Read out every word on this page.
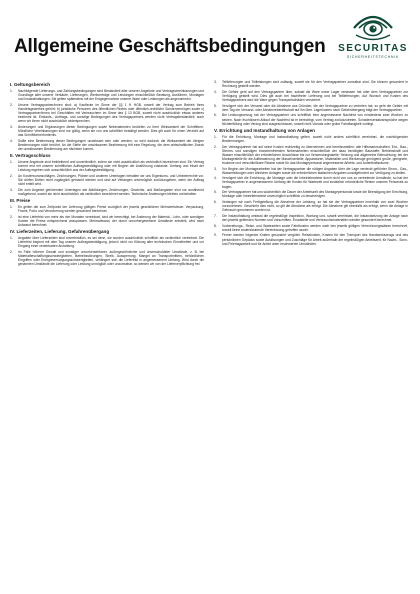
Allgemeine Geschäftsbedingungen SECURITAS
SICHERHEITSTECHNIK
I. Geltungsbereich
1.	Nachfolgende Lieferungs- und Zahlungsbedingungen sind Bestandteil aller unserer Angebote und Vertragsvereinbarungen und Grundlage aller unserer Verkäufe, Lieferungen, Werkverträge und Leistungen einschließlich Beratung, Ausführen, Montagen und Instandhaltungen. Sie gelten spätestens mit der Entgegennahme unserer Ware oder Leistungen als angenommen.
2.	Unsere Vertragspartner/innen sind: a) Kaufleute im Sinne der §§ 1 ff. HGB, soweit der Vertrag zum Betrieb ihres Handelsgewerbes gehört; b) juristische Personen des öffentlichen Rechts oder öffentlich-rechtliche Sondervermögen sowie c) Vertragspartner/innen bei Geschäften mit Verbrauchern im Sinne des § 13 BGB, soweit nicht ausdrücklich etwas anderes bestimmt ist. Einkaufs-, Auftrags- und sonstige Bedingungen des Vertragspartners werden nicht Vertragsbestandteil, auch wenn wir ihnen nicht ausdrücklich widersprechen.
3.	Änderungen und Ergänzungen dieser Bedingungen sowie Nebenabreden bedürfen zu ihrer Wirksamkeit der Schriftform. Mündliche Vereinbarungen sind nur gültig, wenn sie von uns schriftlich bestätigt werden. Dies gilt auch für einen Verzicht auf das Schriftformerfordernis.
4.	Sollte eine Bestimmung dieser Bedingungen unwirksam sein oder werden, so wird dadurch die Wirksamkeit der übrigen Bestimmungen nicht berührt. An die Stelle der unwirksamen Bestimmung tritt eine Regelung, die dem wirtschaftlichen Zweck der unwirksamen Bestimmung am nächsten kommt.
II. Vertragsschluss
1.	Unsere Angebote sind freibleibend und unverbindlich, sofern sie nicht ausdrücklich als verbindlich bezeichnet sind. Ein Vertrag kommt erst mit unserer schriftlichen Auftragsbestätigung oder mit Beginn der Ausführung zustande. Umfang und Inhalt der Leistung ergeben sich ausschließlich aus der Auftragsbestätigung.
2.	An Kostenvoranschlägen, Zeichnungen, Plänen und anderen Unterlagen behalten wir uns Eigentums- und Urheberrechte vor. Sie dürfen Dritten nicht zugänglich gemacht werden und sind auf Verlangen unverzüglich zurückzugeben, wenn der Auftrag nicht erteilt wird.
3.	Die zum Angebot gehörenden Unterlagen wie Abbildungen, Zeichnungen, Gewichts- und Maßangaben sind nur annähernd maßgebend, soweit sie nicht ausdrücklich als verbindlich bezeichnet werden. Technische Änderungen bleiben vorbehalten.
III. Preise
1.	Es gelten die zum Zeitpunkt der Lieferung gültigen Preise zuzüglich der jeweils gesetzlichen Mehrwertsteuer. Verpackung, Fracht, Porto und Versicherung werden gesondert berechnet.
2.	Ist eine Lieferfrist von mehr als vier Monaten vereinbart, sind wir berechtigt, bei Änderung der Material-, Lohn- oder sonstigen Kosten die Preise entsprechend anzupassen. Mehraufwand, der durch unvorhergesehene Umstände entsteht, wird nach Aufwand berechnet.
IV. Lieferzeiten, Lieferung, Gefahrenübergang
1.	Angaben über Lieferzeiten sind unverbindlich, es sei denn, sie wurden ausdrücklich schriftlich als verbindlich vereinbart. Die Lieferfrist beginnt mit dem Tag unserer Auftragsbestätigung, jedoch nicht vor Klärung aller technischen Einzelheiten und vor Eingang einer vereinbarten Anzahlung.
2.	Im Falle höherer Gewalt und sonstiger unvorhersehbarer, außergewöhnlicher und unverschuldeter Umstände, z. B. bei Materialbeschaffungsschwierigkeiten, Betriebsstörungen, Streik, Aussperrung, Mangel an Transportmitteln, behördlichen Eingriffen oder Energieversorgungsschwierigkeiten, verlängert sich die Lieferfrist in angemessenem Umfang. Wird durch die genannten Umstände die Lieferung oder Leistung unmöglich oder unzumutbar, so werden wir von der Lieferverpflichtung frei.
3.	Teillieferungen und Teilleistungen sind zulässig, soweit sie für den Vertragspartner zumutbar sind. Sie können gesondert in Rechnung gestellt werden.
4.	Die Gefahr geht auf den Vertragspartner über, sobald die Ware unser Lager verlassen hat oder dem Vertragspartner zur Verfügung gestellt wird. Dies gilt auch bei frachtfreier Lieferung und bei Teillieferungen. Auf Wunsch und Kosten des Vertragspartners wird die Ware gegen Transportschäden versichert.
5.	Verzögert sich der Versand oder die Abnahme aus Gründen, die der Vertragspartner zu vertreten hat, so geht die Gefahr mit dem Tag der Versand- oder Abnahmebereitschaft auf ihn über. Lagerkosten nach Gefahrübergang trägt der Vertragspartner.
6.	Bei Leistungsverzug hat der Vertragspartner uns schriftlich eine angemessene Nachfrist von mindestens zwei Wochen zu setzen. Nach fruchtlosem Ablauf der Nachfrist ist er berechtigt, vom Vertrag zurückzutreten. Schadensersatzansprüche wegen Nichterfüllung oder Verzug sind ausgeschlossen, soweit nicht Vorsatz oder grobe Fahrlässigkeit vorliegt.
V. Errichtung und Instandhaltung von Anlagen
1.	Für die Errichtung, Montage und Instandhaltung gelten, soweit nicht anders schriftlich vereinbart, die nachfolgenden Bestimmungen.
2.	Der Vertragspartner hat auf seine Kosten rechtzeitig zu übernehmen und bereitzustellen: alle Hilfsmannschaften, Erd-, Bau-, Stemm- und sonstigen branchenfremden Nebenarbeiten einschließlich der dazu benötigten Baustoffe; Betriebskraft und Wasser einschließlich der erforderlichen Anschlüsse bis zur Verwendungsstelle; Heizung und allgemeine Beleuchtung; bei der Montagestelle für die Aufbewahrung der Maschinenteile, Apparaturen, Materialien und Werkzeuge genügend große, geeignete, trockene und verschließbare Räume sowie für das Montagepersonal angemessene Arbeits- und Aufenthaltsräume.
3.	Vor Beginn der Montagearbeiten hat der Vertragspartner die nötigen Angaben über die Lage verdeckt geführter Strom-, Gas-, Wasserleitungen oder ähnlicher Anlagen sowie die erforderlichen statischen Angaben unaufgefordert zur Verfügung zu stellen.
4.	Verzögert sich die Errichtung, die Montage oder die Inbetriebnahme durch nicht von uns zu vertretende Umstände, so hat der Vertragspartner in angemessenem Umfang die Kosten für Wartezeit und zusätzlich erforderliche Reisen unseres Personals zu tragen.
5.	Der Vertragspartner hat uns wöchentlich die Dauer der Arbeitszeit des Montagepersonals sowie die Beendigung der Errichtung, Montage oder Inbetriebnahme unverzüglich schriftlich zu bescheinigen.
6.	Verlangen wir nach Fertigstellung die Abnahme der Leistung, so hat sie der Vertragspartner innerhalb von zwei Wochen vorzunehmen. Geschieht dies nicht, so gilt die Abnahme als erfolgt. Die Abnahme gilt ebenfalls als erfolgt, wenn die Anlage in Gebrauch genommen worden ist.
7.	Die Instandhaltung umfasst die regelmäßige Inspektion, Wartung und, soweit vereinbart, die Instandsetzung der Anlage nach den jeweils geltenden Normen und Vorschriften. Ersatzteile und Verbrauchsmaterialien werden gesondert berechnet.
8.	Vorbereitungs-, Reise- und Wartezeiten sowie Fahrtkosten werden nach den jeweils gültigen Verrechnungssätzen berechnet, soweit keine anderslautende Vereinbarung getroffen wurde.
9.	Ferner werden folgende Kosten gesondert vergütet: Reisekosten, Kosten für den Transport des Handwerkszeugs und des persönlichen Gepäcks sowie Auslösungen und Zuschläge für Arbeit außerhalb der regelmäßigen Arbeitszeit, für Nacht-, Sonn- und Feiertagsarbeit und für Arbeit unter erschwerten Umständen.
